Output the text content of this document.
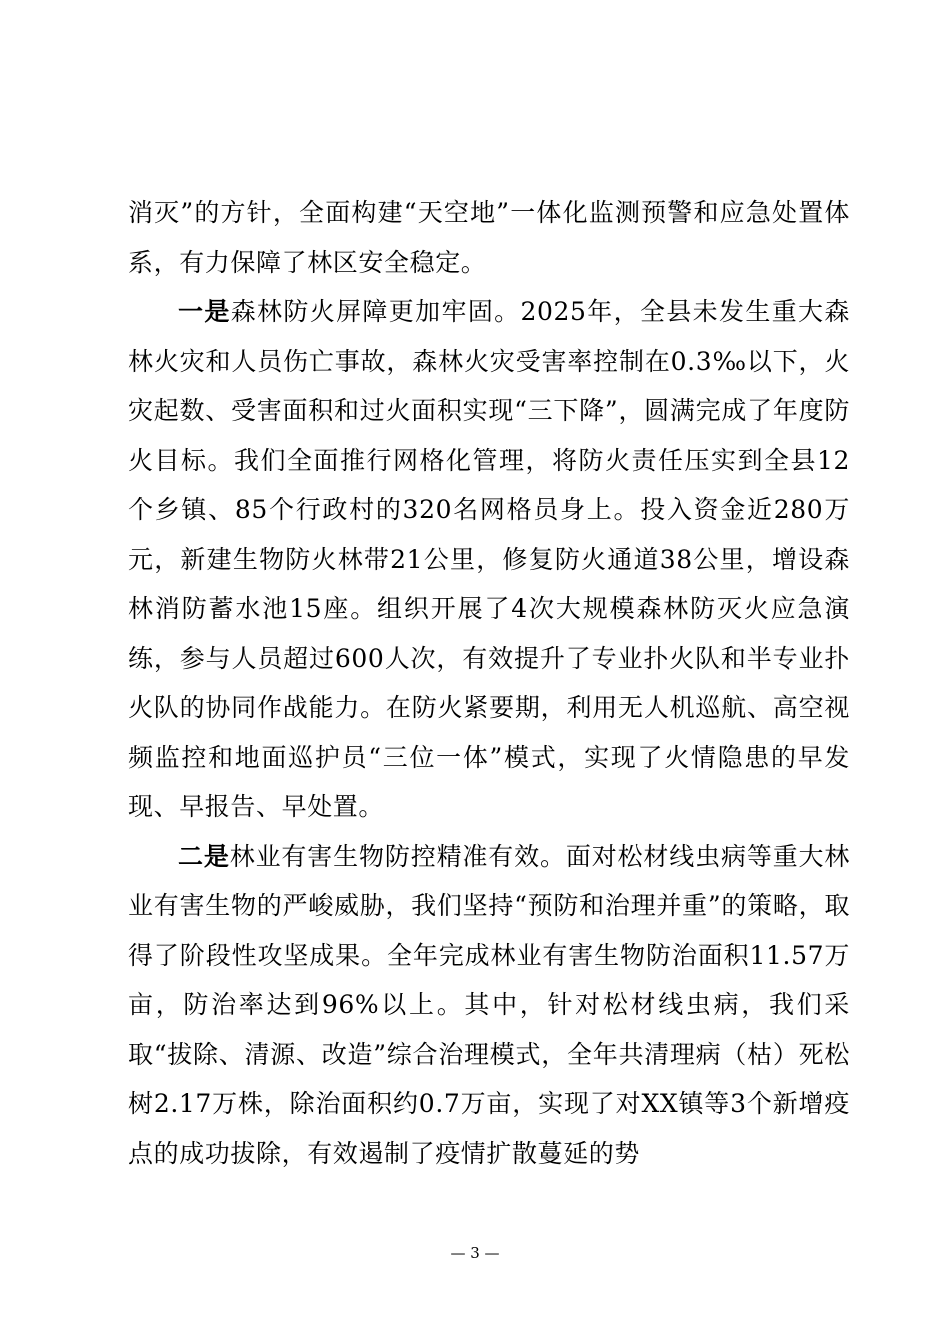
消灭”的方针，全面构建“天空地”一体化监测预警和应急处置体系，有力保障了林区安全稳定。

一是森林防火屏障更加牢固。2025年，全县未发生重大森林火灾和人员伤亡事故，森林火灾受害率控制在0.3‰以下，火灾起数、受害面积和过火面积实现“三下降”，圆满完成了年度防火目标。我们全面推行网格化管理，将防火责任压实到全县12个乡镇、85个行政村的320名网格员身上。投入资金近280万元，新建生物防火林带21公里，修复防火通道38公里，增设森林消防蓄水池15座。组织开展了4次大规模森林防灭火应急演练，参与人员超过600人次，有效提升了专业扑火队和半专业扑火队的协同作战能力。在防火紧要期，利用无人机巡航、高空视频监控和地面巡护员“三位一体”模式，实现了火情隐患的早发现、早报告、早处置。

二是林业有害生物防控精准有效。面对松材线虫病等重大林业有害生物的严峻威胁，我们坚持“预防和治理并重”的策略，取得了阶段性攻坚成果。全年完成林业有害生物防治面积11.57万亩，防治率达到96%以上。其中，针对松材线虫病，我们采取“拔除、清源、改造”综合治理模式，全年共清理病（枯）死松树2.17万株，除治面积约0.7万亩，实现了对XX镇等3个新增疫点的成功拔除，有效遏制了疫情扩散蔓延的势

— 3 —
